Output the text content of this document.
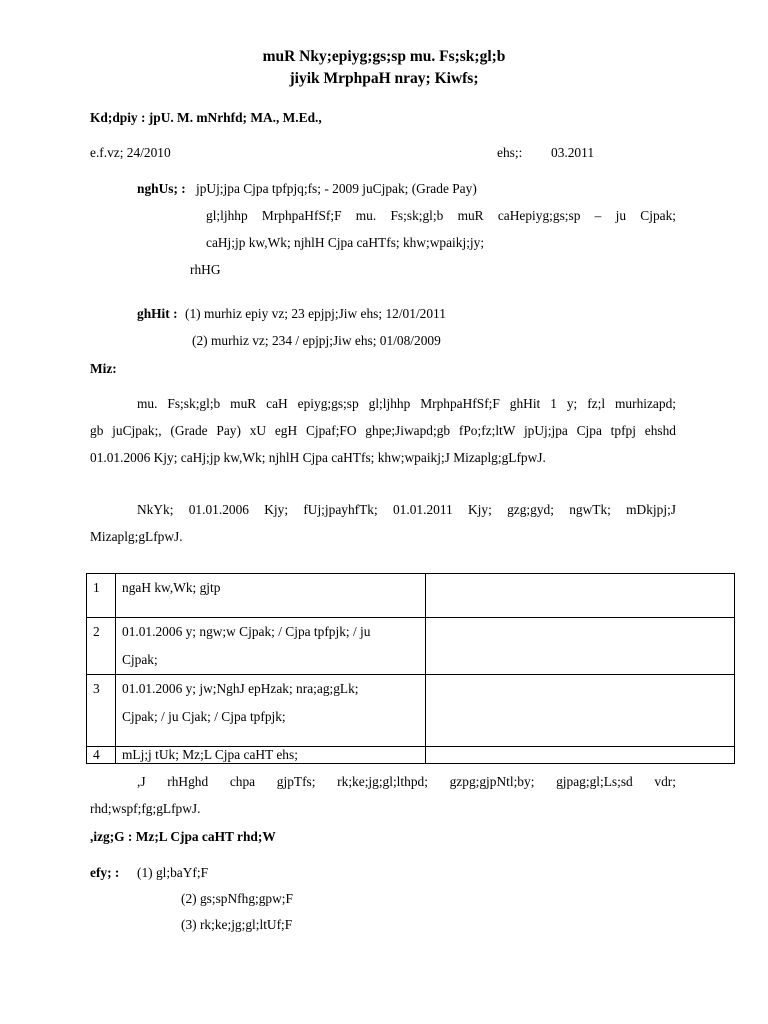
muR Nky;epiyg;gs;sp mu. Fs;sk;gl;b
jiyik MrphpaH nray; Kiwfs;
Kd;dpiy : jpU. M. mNrhfd; MA., M.Ed.,
e.f.vz; 24/2010	ehs;: 03.2011
nghUs; : jpUj;jpa Cjpa tpfpjq;fs; - 2009 juCjpak; (Grade Pay)
gl;ljhhp MrphpaHfSf;F mu. Fs;sk;gl;b muR caHepiyg;gs;sp – ju Cjpak;
caHj;jp kw,Wk; njhlH Cjpa caHTfs; khw;wpaikj;jy;
rhHG
ghHit : (1) murhiz epiy vz; 23 epjpj;Jiw ehs; 12/01/2011
(2) murhiz vz; 234 / epjpj;Jiw ehs; 01/08/2009
Miz:
mu. Fs;sk;gl;b muR caH epiyg;gs;sp gl;ljhhp MrphpaHfSf;F ghHit 1 y; fz;l murhizapd;
gb juCjpak;, (Grade Pay) xU egH Cjpaf;FO ghpe;Jiwapd;gb fPo;fz;ltW jpUj;jpa Cjpa tpfpj ehshd
01.01.2006 Kjy; caHj;jp kw,Wk; njhlH Cjpa caHTfs; khw;wpaikj;J Mizaplg;gLfpwJ.
NkYk; 01.01.2006 Kjy; fUj;jpayhfTk; 01.01.2011 Kjy; gzg;gyd; ngwTk; mDkjpj;J
Mizaplg;gLfpwJ.
1	ngaH kw,Wk; gjtp	
2	01.01.2006 y; ngw;w Cjpak; / Cjpa tpfpjk; / ju
Cjpak;	

3	01.01.2006 y; jw;NghJ epHzak; nra;ag;gLk;
Cjpak; / ju Cjak; / Cjpa tpfpjk;	

4	mLj;j tUk; Mz;L Cjpa caHT ehs;	
,J rhHghd chpa gjpTfs; rk;ke;jg;gl;lthpd; gzpg;gjpNtl;by; gjpag;gl;Ls;sd vdr;
rhd;wspf;fg;gLfpwJ.
,izg;G : Mz;L Cjpa caHT rhd;W
efy; : (1) gl;baYf;F
(2) gs;spNfhg;gpw;F
(3) rk;ke;jg;gl;ltUf;F
